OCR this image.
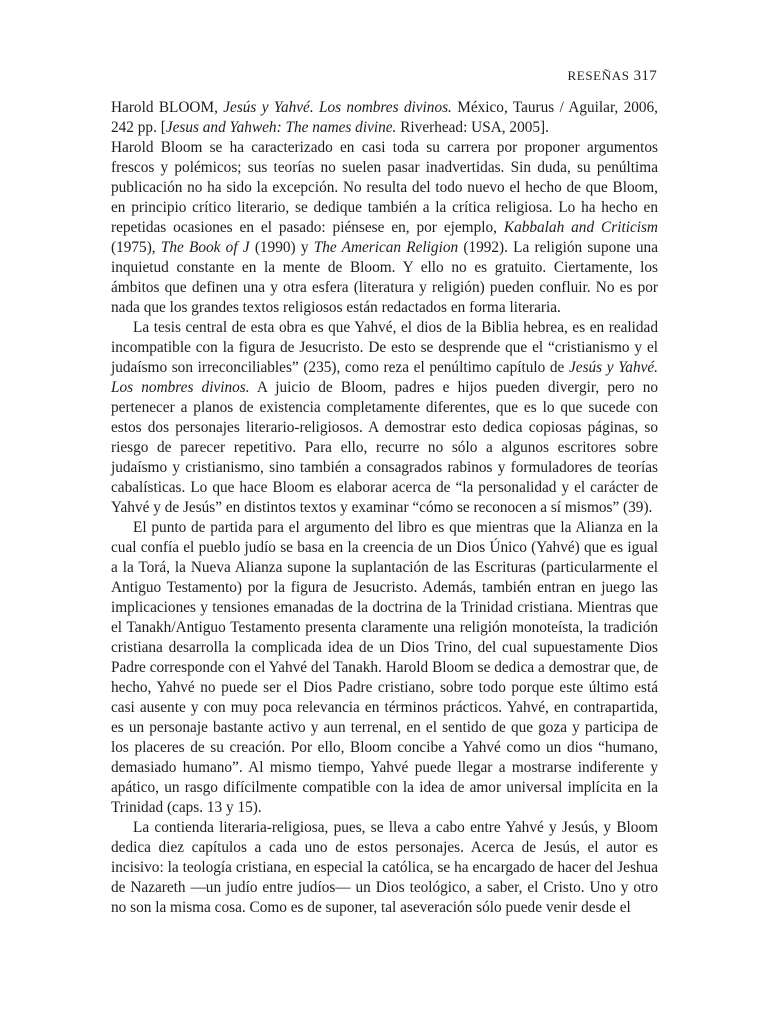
RESEÑAS 317

Harold BLOOM, Jesús y Yahvé. Los nombres divinos. México, Taurus / Aguilar, 2006, 242 pp. [Jesus and Yahweh: The names divine. Riverhead: USA, 2005].

Harold Bloom se ha caracterizado en casi toda su carrera por proponer argumentos frescos y polémicos; sus teorías no suelen pasar inadvertidas. Sin duda, su penúltima publicación no ha sido la excepción. No resulta del todo nuevo el hecho de que Bloom, en principio crítico literario, se dedique también a la crítica religiosa. Lo ha hecho en repetidas ocasiones en el pasado: piénsese en, por ejemplo, Kabbalah and Criticism (1975), The Book of J (1990) y The American Religion (1992). La religión supone una inquietud constante en la mente de Bloom. Y ello no es gratuito. Ciertamente, los ámbitos que definen una y otra esfera (literatura y religión) pueden confluir. No es por nada que los grandes textos religiosos están redactados en forma literaria.

La tesis central de esta obra es que Yahvé, el dios de la Biblia hebrea, es en realidad incompatible con la figura de Jesucristo. De esto se desprende que el “cristianismo y el judaísmo son irreconciliables” (235), como reza el penúltimo capítulo de Jesús y Yahvé. Los nombres divinos. A juicio de Bloom, padres e hijos pueden divergir, pero no pertenecer a planos de existencia completamente diferentes, que es lo que sucede con estos dos personajes literario-religiosos. A demostrar esto dedica copiosas páginas, so riesgo de parecer repetitivo. Para ello, recurre no sólo a algunos escritores sobre judaísmo y cristianismo, sino también a consagrados rabinos y formuladores de teorías cabalísticas. Lo que hace Bloom es elaborar acerca de “la personalidad y el carácter de Yahvé y de Jesús” en distintos textos y examinar “cómo se reconocen a sí mismos” (39).

El punto de partida para el argumento del libro es que mientras que la Alianza en la cual confía el pueblo judío se basa en la creencia de un Dios Único (Yahvé) que es igual a la Torá, la Nueva Alianza supone la suplantación de las Escrituras (particularmente el Antiguo Testamento) por la figura de Jesucristo. Además, también entran en juego las implicaciones y tensiones emanadas de la doctrina de la Trinidad cristiana. Mientras que el Tanakh/Antiguo Testamento presenta claramente una religión monoteísta, la tradición cristiana desarrolla la complicada idea de un Dios Trino, del cual supuestamente Dios Padre corresponde con el Yahvé del Tanakh. Harold Bloom se dedica a demostrar que, de hecho, Yahvé no puede ser el Dios Padre cristiano, sobre todo porque este último está casi ausente y con muy poca relevancia en términos prácticos. Yahvé, en contrapartida, es un personaje bastante activo y aun terrenal, en el sentido de que goza y participa de los placeres de su creación. Por ello, Bloom concibe a Yahvé como un dios “humano, demasiado humano”. Al mismo tiempo, Yahvé puede llegar a mostrarse indiferente y apático, un rasgo difícilmente compatible con la idea de amor universal implícita en la Trinidad (caps. 13 y 15).

La contienda literaria-religiosa, pues, se lleva a cabo entre Yahvé y Jesús, y Bloom dedica diez capítulos a cada uno de estos personajes. Acerca de Jesús, el autor es incisivo: la teología cristiana, en especial la católica, se ha encargado de hacer del Jeshua de Nazareth —un judío entre judíos— un Dios teológico, a saber, el Cristo. Uno y otro no son la misma cosa. Como es de suponer, tal aseveración sólo puede venir desde el
